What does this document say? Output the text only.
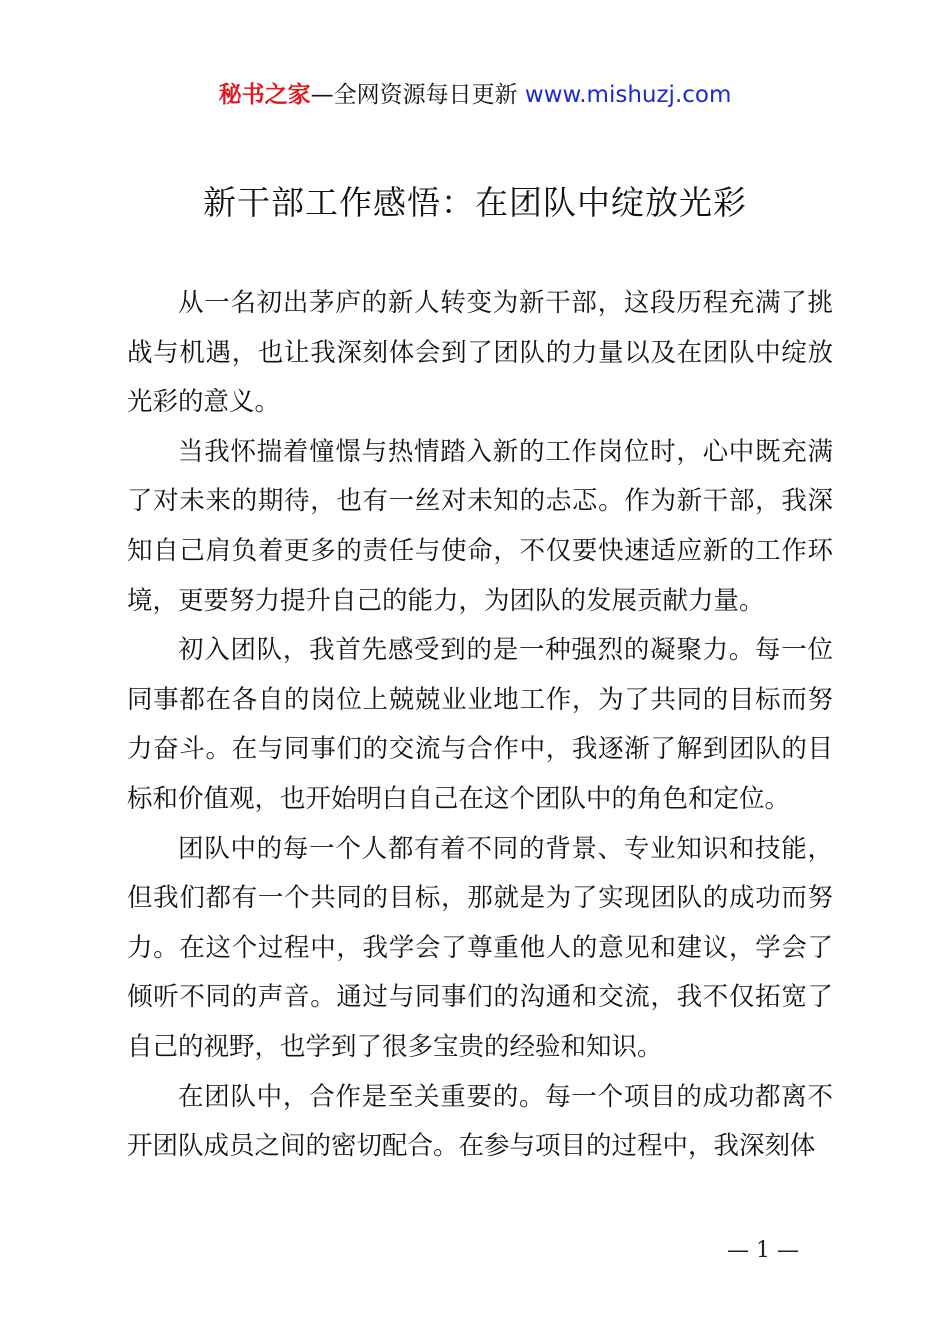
秘书之家—全网资源每日更新 www.mishuzj.com
新干部工作感悟：在团队中绽放光彩

从一名初出茅庐的新人转变为新干部，这段历程充满了挑战与机遇，也让我深刻体会到了团队的力量以及在团队中绽放光彩的意义。

当我怀揣着憧憬与热情踏入新的工作岗位时，心中既充满了对未来的期待，也有一丝对未知的忐忑。作为新干部，我深知自己肩负着更多的责任与使命，不仅要快速适应新的工作环境，更要努力提升自己的能力，为团队的发展贡献力量。

初入团队，我首先感受到的是一种强烈的凝聚力。每一位同事都在各自的岗位上兢兢业业地工作，为了共同的目标而努力奋斗。在与同事们的交流与合作中，我逐渐了解到团队的目标和价值观，也开始明白自己在这个团队中的角色和定位。

团队中的每一个人都有着不同的背景、专业知识和技能，但我们都有一个共同的目标，那就是为了实现团队的成功而努力。在这个过程中，我学会了尊重他人的意见和建议，学会了倾听不同的声音。通过与同事们的沟通和交流，我不仅拓宽了自己的视野，也学到了很多宝贵的经验和知识。

在团队中，合作是至关重要的。每一个项目的成功都离不开团队成员之间的密切配合。在参与项目的过程中，我深刻体

— 1 —
